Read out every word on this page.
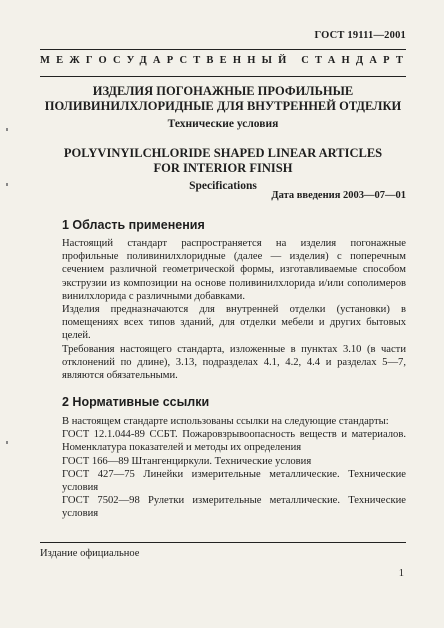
ГОСТ 19111—2001
МЕЖГОСУДАРСТВЕННЫЙ СТАНДАРТ
ИЗДЕЛИЯ ПОГОНАЖНЫЕ ПРОФИЛЬНЫЕ
ПОЛИВИНИЛХЛОРИДНЫЕ ДЛЯ ВНУТРЕННЕЙ ОТДЕЛКИ
Технические условия
POLYVINYILCHLORIDE SHAPED LINEAR ARTICLES
FOR INTERIOR FINISH
Specifications
Дата введения 2003—07—01
1 Область применения

Настоящий стандарт распространяется на изделия погонажные профильные поливинилхлоридные (далее — изделия) с поперечным сечением различной геометрической формы, изготавливаемые способом экструзии из композиции на основе поливинилхлорида и/или сополимеров винилхлорида с различными добавками.

Изделия предназначаются для внутренней отделки (установки) в помещениях всех типов зданий, для отделки мебели и других бытовых целей.

Требования настоящего стандарта, изложенные в пунктах 3.10 (в части отклонений по длине), 3.13, подразделах 4.1, 4.2, 4.4 и разделах 5—7, являются обязательными.

2 Нормативные ссылки

В настоящем стандарте использованы ссылки на следующие стандарты:

ГОСТ 12.1.044-89 ССБТ. Пожаровзрывоопасность веществ и материалов. Номенклатура показателей и методы их определения

ГОСТ 166—89 Штангенциркули. Технические условия

ГОСТ 427—75 Линейки измерительные металлические. Технические условия

ГОСТ 7502—98 Рулетки измерительные металлические. Технические условия

Издание официальное
1
